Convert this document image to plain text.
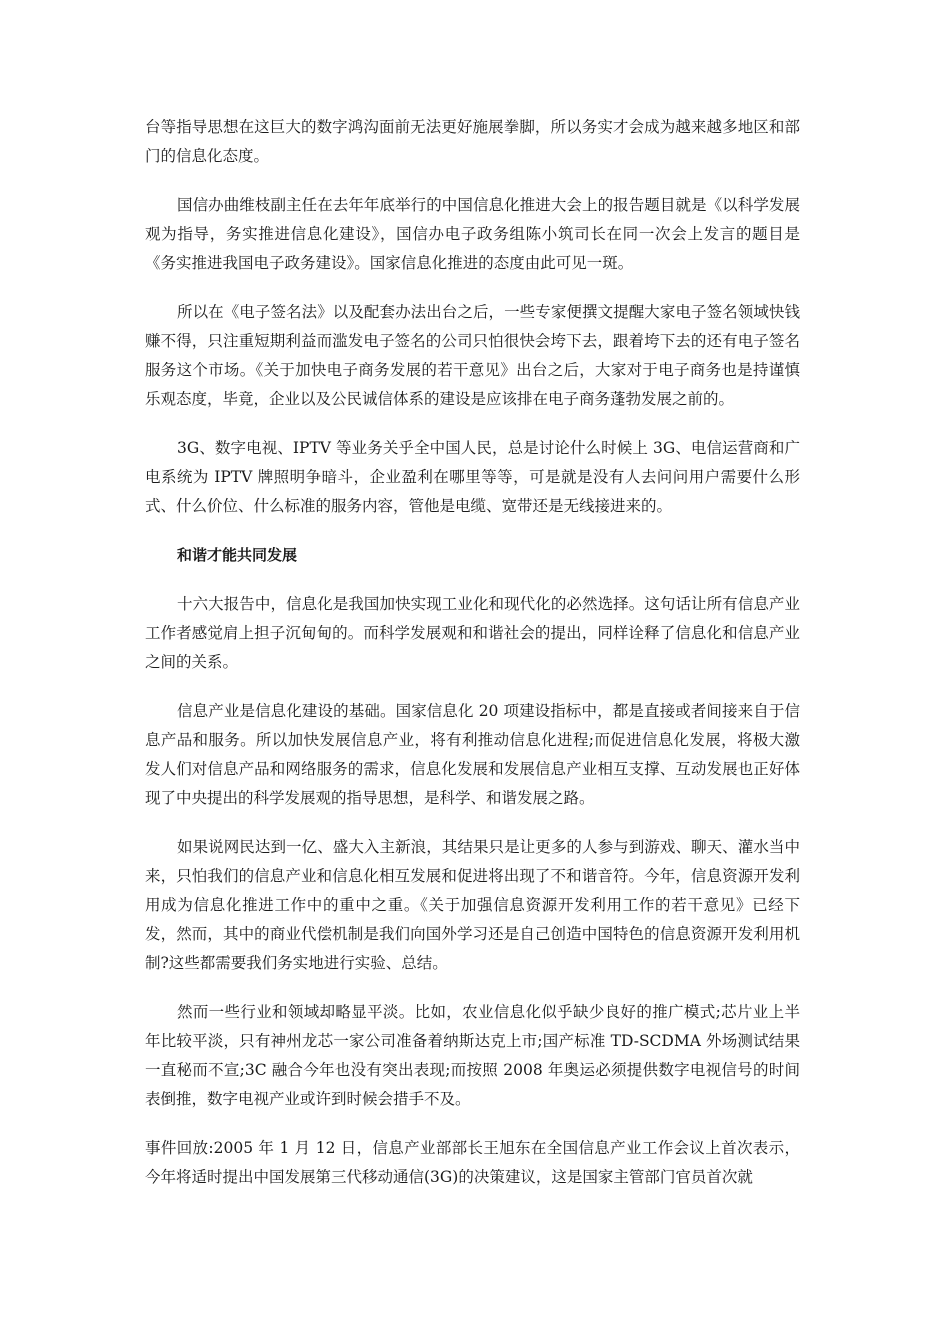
台等指导思想在这巨大的数字鸿沟面前无法更好施展拳脚，所以务实才会成为越来越多地区和部门的信息化态度。

国信办曲维枝副主任在去年年底举行的中国信息化推进大会上的报告题目就是《以科学发展观为指导，务实推进信息化建设》，国信办电子政务组陈小筑司长在同一次会上发言的题目是《务实推进我国电子政务建设》。国家信息化推进的态度由此可见一斑。

所以在《电子签名法》以及配套办法出台之后，一些专家便撰文提醒大家电子签名领域快钱赚不得，只注重短期利益而滥发电子签名的公司只怕很快会垮下去，跟着垮下去的还有电子签名服务这个市场。《关于加快电子商务发展的若干意见》出台之后，大家对于电子商务也是持谨慎乐观态度，毕竟，企业以及公民诚信体系的建设是应该排在电子商务蓬勃发展之前的。

3G、数字电视、IPTV 等业务关乎全中国人民，总是讨论什么时候上 3G、电信运营商和广电系统为 IPTV 牌照明争暗斗，企业盈利在哪里等等，可是就是没有人去问问用户需要什么形式、什么价位、什么标准的服务内容，管他是电缆、宽带还是无线接进来的。

和谐才能共同发展

十六大报告中，信息化是我国加快实现工业化和现代化的必然选择。这句话让所有信息产业工作者感觉肩上担子沉甸甸的。而科学发展观和和谐社会的提出，同样诠释了信息化和信息产业之间的关系。

信息产业是信息化建设的基础。国家信息化 20 项建设指标中，都是直接或者间接来自于信息产品和服务。所以加快发展信息产业，将有利推动信息化进程;而促进信息化发展，将极大激发人们对信息产品和网络服务的需求，信息化发展和发展信息产业相互支撑、互动发展也正好体现了中央提出的科学发展观的指导思想，是科学、和谐发展之路。

如果说网民达到一亿、盛大入主新浪，其结果只是让更多的人参与到游戏、聊天、灌水当中来，只怕我们的信息产业和信息化相互发展和促进将出现了不和谐音符。今年，信息资源开发利用成为信息化推进工作中的重中之重。《关于加强信息资源开发利用工作的若干意见》已经下发，然而，其中的商业代偿机制是我们向国外学习还是自己创造中国特色的信息资源开发利用机制?这些都需要我们务实地进行实验、总结。

然而一些行业和领域却略显平淡。比如，农业信息化似乎缺少良好的推广模式;芯片业上半年比较平淡，只有神州龙芯一家公司准备着纳斯达克上市;国产标准 TD-SCDMA 外场测试结果一直秘而不宣;3C 融合今年也没有突出表现;而按照 2008 年奥运必须提供数字电视信号的时间表倒推，数字电视产业或许到时候会措手不及。

事件回放:2005 年 1 月 12 日，信息产业部部长王旭东在全国信息产业工作会议上首次表示，今年将适时提出中国发展第三代移动通信(3G)的决策建议，这是国家主管部门官员首次就
